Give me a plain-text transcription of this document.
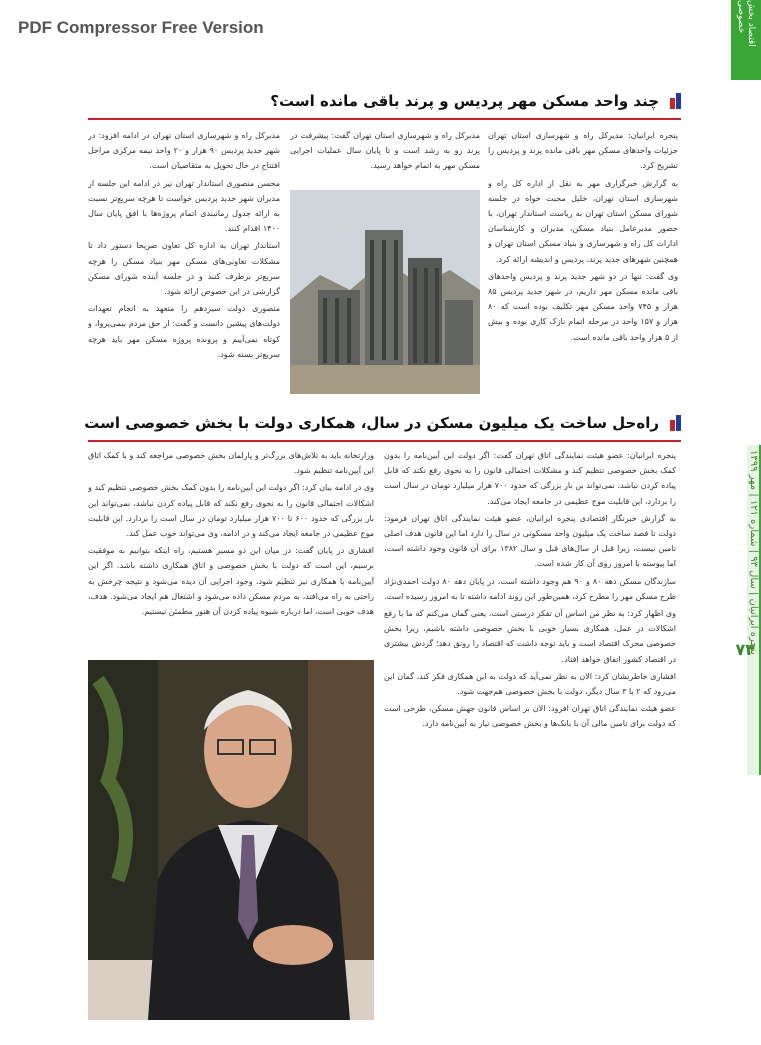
PDF Compressor Free Version	اقتصاد بخش خصوصی
پنجره ایرانیان | سال ۹۳ | شماره ۱۲۱ | مهر ۱۳۹۹
۷۴
چند واحد مسکن مهر پردیس و پرند باقی مانده است؟

پنجره ایرانیان: مدیرکل راه و شهرسازی استان تهران جزئیات واحدهای مسکن مهر باقی مانده پرند و پردیس را تشریح کرد.

به گزارش خبرگزاری مهر به نقل از اداره کل راه و شهرسازی استان تهران، خلیل محبت خواه در جلسه شورای مسکن استان تهران به ریاست استاندار تهران، با حضور مدیرعامل بنیاد مسکن، مدیران و کارشناسان ادارات کل راه و شهرسازی و بنیاد مسکن استان تهران و همچنین شهرهای جدید پرند، پردیس و اندیشه ارائه کرد.

وی گفت: تنها در دو شهر جدید پرند و پردیس واحدهای باقی مانده مسکن مهر داریم، در شهر جدید پردیس ۸۵ هزار و ۷۴۵ واحد مسکن مهر تکلیف بوده است که ۸۰ هزار و ۱۵۷ واحد در مرحله اتمام نازک کاری بوده و بیش از ۵ هزار واحد باقی مانده است.

مدیرکل راه و شهرسازی استان تهران گفت: پیشرفت در پرند رو به رشد است و تا پایان سال عملیات اجرایی مسکن مهر به اتمام خواهد رسید.

مدیرکل راه و شهرسازی استان تهران در ادامه افزود: در شهر جدید پردیس ۹۰ هزار و ۲۰ واحد نیمه مرکزی مراحل افتتاح در حال تحویل به متقاضیان است.

محسن منصوری استاندار تهران نیز در ادامه این جلسه از مدیران شهر جدید پردیس خواست تا هرچه سریع‌تر نسبت به ارائه جدول زمانبندی اتمام پروژه‌ها با افق پایان سال ۱۴۰۰ اقدام کنند.

استاندار تهران به اداره کل تعاون صریحا دستور داد تا مشکلات تعاونی‌های مسکن مهر بنیاد مسکن را هرچه سریع‌تر برطرف کنند و در جلسه آینده شورای مسکن گزارشی در این خصوص ارائه شود.

منصوری دولت سیزدهم را متعهد به انجام تعهدات دولت‌های پیشین دانست و گفت: از حق مردم بیمی‌پروا، و کوتاه نمی‌آییم و پرونده پروژه مسکن مهر باید هرچه سریع‌تر بسته شود.

راه‌حل ساخت یک میلیون مسکن در سال، همکاری دولت با بخش خصوصی است

پنجره ایرانیان: عضو هیئت نمایندگی اتاق تهران گفت: اگر دولت این آیین‌نامه را بدون کمک بخش خصوصی تنظیم کند و مشکلات احتمالی قانون را به نحوی رفع نکند که قابل پیاده کردن نباشد، نمی‌تواند بن بار بزرگی که حدود ۷۰۰ هزار میلیارد تومان در سال است را بردارد، این قابلیت موج عظیمی در جامعه ایجاد می‌کند.

به گزارش خبرنگار اقتصادی پنجره ایرانیان، عضو هیئت نمایندگی اتاق تهران فرمود: دولت تا قصد ساخت یک میلیون واحد مسکونی در سال را دارد اما این قانون هدف اصلی تامین نیست، زیرا قبل از سال‌های قبل و سال ۱۳۸۲ برای آن قانون وجود داشته است، اما پیوسته با امروز روی آن کار شده است.

سازندگان مسکن دهه ۸۰ و ۹۰ هم وجود داشته است، در پایان دهه ۸۰ دولت احمدی‌نژاد طرح مسکن مهر را مطرح کرد، همین‌طور این روند ادامه داشته تا به امروز رسیده است.

وی اظهار کرد: به نظر من اساس آن تفکر درستی است، یعنی گمان می‌کنم که ما با رفع اشکالات در عمل، همکاری بسیار خوبی با بخش خصوصی داشته باشیم، زیرا بخش خصوصی محرک اقتصاد است و باید توجه داشت که اقتصاد را رونق دهد؛ گردش بیشتری در اقتصاد کشور اتفاق خواهد افتاد.

افشاری خاطرنشان کرد: الان به نظر نمی‌آید که دولت به این همکاری فکر کند، گمان این می‌رود که ۲ یا ۳ سال دیگر، دولت با بخش خصوصی هم‌جهت شود.

عضو هیئت نمایندگی اتاق تهران افزود: الان بر اساس قانون جهش مسکن، طرحی است که دولت برای تامین مالی آن با بانک‌ها و بخش خصوصی نیاز به آیین‌نامه دارد.

وزارتخانه باید به تلاش‌های بزرگ‌تر و پارلمان بخش خصوصی مراجعه کند و با کمک اتاق این آیین‌نامه تنظیم شود.

وی در ادامه بیان کرد: اگر دولت این آیین‌نامه را بدون کمک بخش خصوصی تنظیم کند و اشکالات احتمالی قانون را به نحوی رفع نکند که قابل پیاده کردن نباشد، نمی‌تواند این بار بزرگی که حدود ۶۰۰ تا ۷۰۰ هزار میلیارد تومان در سال است را بردارد. این قابلیت موج عظیمی در جامعه ایجاد می‌کند و در ادامه، وی می‌تواند خوب عمل کند.

افشاری در پایان گفت: در میان این دو مسیر هستیم، راه اینکه بتوانیم به موفقیت برسیم، این است که دولت با بخش خصوصی و اتاق همکاری داشته باشد. اگر این آیین‌نامه با همکاری نیز تنظیم شود، وجود اجرایی آن دیده می‌شود و نتیجه چرخش به راحتی به راه می‌افتد، به مردم مسکن داده می‌شود و اشتغال هم ایجاد می‌شود. هدف، هدف خوبی است، اما درباره شیوه پیاده کردن آن هنوز مطمئن نیستیم.
